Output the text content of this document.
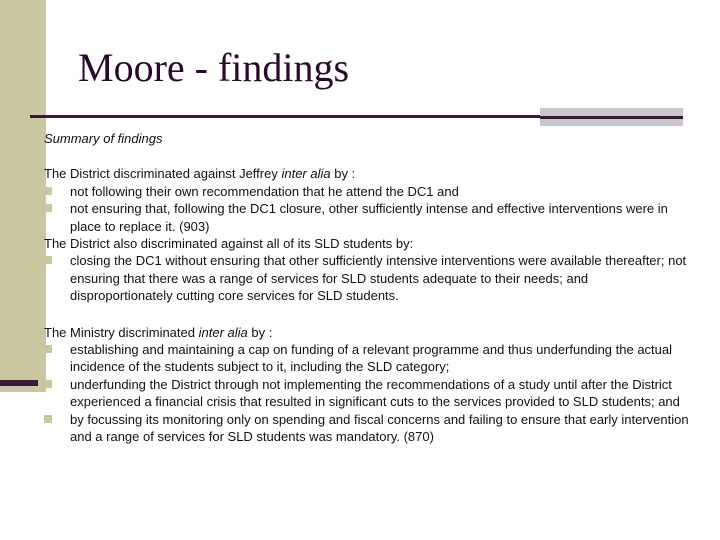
Moore - findings

Summary of findings

The District discriminated against Jeffrey inter alia by :

not following their own recommendation that he attend the DC1 and

not ensuring that, following the DC1 closure, other sufficiently intense and effective interventions were in place to replace it. (903)

The District also discriminated against all of its SLD students by:

closing the DC1 without ensuring that other sufficiently intensive interventions were available thereafter; not ensuring that there was a range of services for SLD students adequate to their needs; and disproportionately cutting core services for SLD students.

The Ministry discriminated inter alia by :

establishing and maintaining a cap on funding of a relevant programme and thus underfunding the actual incidence of the students subject to it, including the SLD category;

underfunding the District through not implementing the recommendations of a study until after the District experienced a financial crisis that resulted in significant cuts to the services provided to SLD students; and

by focussing its monitoring only on spending and fiscal concerns and failing to ensure that early intervention and a range of services for SLD students was mandatory. (870)
